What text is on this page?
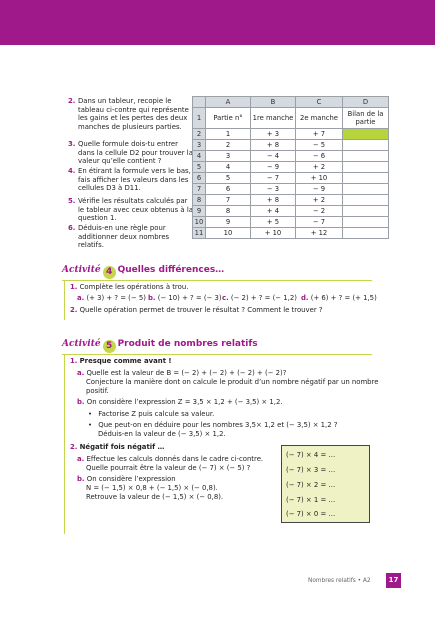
2. Dans un tableur, recopie le tableau ci-contre qui représente les gains et les pertes des deux manches de plusieurs parties.
3. Quelle formule dois-tu entrer dans la cellule D2 pour trouver la valeur qu’elle contient ?
4. En étirant la formule vers le bas, fais afficher les valeurs dans les cellules D3 à D11.
5. Vérifie les résultats calculés par le tableur avec ceux obtenus à la question 1.
6. Déduis-en une règle pour additionner deux nombres relatifs.
	A	B	C	D
1	Partie n°	1re manche	2e manche	Bilan de la partie
2	1	+ 3	+ 7	
3	2	+ 8	− 5	
4	3	− 4	− 6	
5	4	− 9	+ 2	
6	5	− 7	+ 10	
7	6	− 3	− 9	
8	7	+ 8	+ 2	
9	8	+ 4	− 2	
10	9	+ 5	− 7	
11	10	+ 10	+ 12	
Activité 4 Quelles différences…
1. Complète les opérations à trou.
a. (+ 3) + ? = (− 5) b. (− 10) + ? = (− 3) c. (− 2) + ? = (− 1,2) d. (+ 6) + ? = (+ 1,5)
2. Quelle opération permet de trouver le résultat ? Comment le trouver ?
Activité 5 Produit de nombres relatifs
1. Presque comme avant !
a. Quelle est la valeur de B = (− 2) + (− 2) + (− 2) + (− 2)?
Conjecture la manière dont on calcule le produit d’un nombre négatif par un nombre
positif.
b. On considère l’expression Z = 3,5 × 1,2 + (− 3,5) × 1,2.
• Factorise Z puis calcule sa valeur.
• Que peut-on en déduire pour les nombres 3,5× 1,2 et (− 3,5) × 1,2 ?
Déduis-en la valeur de (− 3,5) × 1,2.
2. Négatif fois négatif …
a. Effectue les calculs donnés dans le cadre ci-contre.
Quelle pourrait être la valeur de (− 7) × (− 5) ?
b. On considère l’expression
N = (− 1,5) × 0,8 + (− 1,5) × (− 0,8).
Retrouve la valeur de (− 1,5) × (− 0,8).
(− 7) × 4 = …
(− 7) × 3 = …
(− 7) × 2 = …
(− 7) × 1 = …
(− 7) × 0 = …
Nombres relatifs • A2	17
